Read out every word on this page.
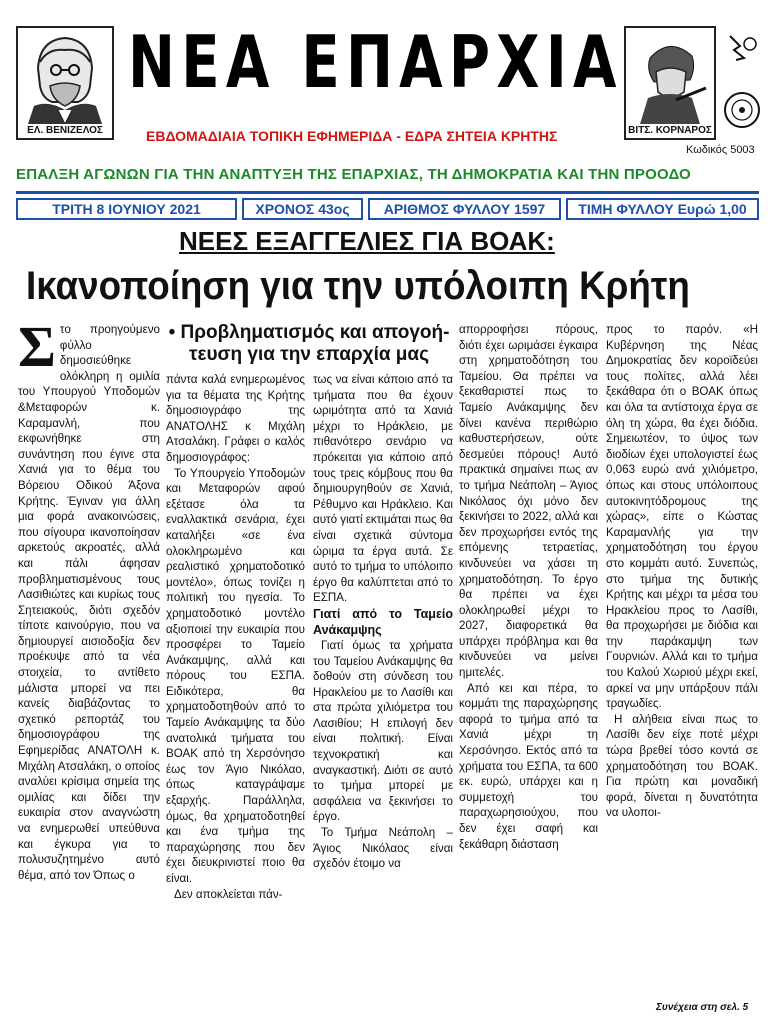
ΕΛ. ΒΕΝΙΖΕΛΟΣ
ΝΕΑ ΕΠΑΡΧΙΑ
ΕΒΔΟΜΑΔΙΑΙΑ ΤΟΠΙΚΗ ΕΦΗΜΕΡΙΔΑ - ΕΔΡΑ ΣΗΤΕΙΑ ΚΡΗΤΗΣ	ΒΙΤΣ. ΚΟΡΝΑΡΟΣ
Κωδικός 5003
ΕΠΑΛΞΗ ΑΓΩΝΩΝ ΓΙΑ ΤΗΝ ΑΝΑΠΤΥΞΗ ΤΗΣ ΕΠΑΡΧΙΑΣ, ΤΗ ΔΗΜΟΚΡΑΤΙΑ ΚΑΙ ΤΗΝ ΠΡΟΟΔΟ
ΤΡΙΤΗ 8 ΙΟΥΝΙΟΥ 2021	ΧΡΟΝΟΣ 43ος	ΑΡΙΘΜΟΣ ΦΥΛΛΟΥ 1597	ΤΙΜΗ ΦΥΛΛΟΥ Ευρώ 1,00
ΝΕΕΣ ΕΞΑΓΓΕΛΙΕΣ ΓΙΑ ΒΟΑΚ:
Ικανοποίηση για την υπόλοιπη Κρήτη
Σ το προηγούμενο φύλλο δημοσιεύθηκε ολόκληρη η ομιλία του Υπουργού Υποδομών &Μεταφορών κ. Καραμανλή, που εκφωνήθηκε στη συνάντηση που έγινε στα Χανιά για το θέμα του Βόρειου Οδικού Άξονα Κρήτης. Έγιναν για άλλη μια φορά ανακοινώσεις, που σίγουρα ικανοποίησαν αρκετούς ακροατές, αλλά και πάλι άφησαν προβληματισμένους τους Λασιθιώτες και κυρίως τους Σητειακούς, διότι σχεδόν τίποτε καινούργιο, που να δημιουργεί αισιοδοξία δεν προέκυψε από τα νέα στοιχεία, το αντίθετο μάλιστα μπορεί να πει κανείς διαβάζοντας το σχετικό ρεπορτάζ του δημοσιογράφου της Εφημερίδας ΑΝΑΤΟΛΗ κ. Μιχάλη Ατσαλάκη, ο οποίος αναλύει κρίσιμα σημεία της ομιλίας και δίδει την ευκαιρία στον αναγνώστη να ενημερωθεί υπεύθυνα και έγκυρα για το πολυσυζητημένο αυτό θέμα, από τον Όπως ο
• Προβληματισμός και απογοή-τευση για την επαρχία μας

πάντα καλά ενημερωμένος για τα θέματα της Κρήτης δημοσιογράφο της ΑΝΑΤΟΛΗΣ κ Μιχάλη Ατσαλάκη. Γράφει ο καλός δημοσιογράφος:

Το Υπουργείο Υποδομών και Μεταφορών αφού εξέτασε όλα τα εναλλακτικά σενάρια, έχει καταλήξει «σε ένα ολοκληρωμένο και ρεαλιστικό χρηματοδοτικό μοντέλο», όπως τονίζει η πολιτική του ηγεσία. Το χρηματοδοτικό μοντέλο αξιοποιεί την ευκαιρία που προσφέρει το Ταμείο Ανάκαμψης, αλλά και πόρους του ΕΣΠΑ. Ειδικότερα, θα χρηματοδοτηθούν από το Ταμείο Ανάκαμψης τα δύο ανατολικά τμήματα του ΒΟΑΚ από τη Χερσόνησο έως τον Άγιο Νικόλαο, όπως καταγράψαμε εξαρχής. Παράλληλα, όμως, θα χρηματοδοτηθεί και ένα τμήμα της παραχώρησης που δεν έχει διευκρινιστεί ποιο θα είναι.

Δεν αποκλείεται πάν-

τως να είναι κάποιο από τα τμήματα που θα έχουν ωριμότητα από τα Χανιά μέχρι το Ηράκλειο, με πιθανότερο σενάριο να πρόκειται για κάποιο από τους τρεις κόμβους που θα δημιουργηθούν σε Χανιά, Ρέθυμνο και Ηράκλειο. Και αυτό γιατί εκτιμάται πως θα είναι σχετικά σύντομα ώριμα τα έργα αυτά. Σε αυτό το τμήμα το υπόλοιπο έργο θα καλύπτεται από το ΕΣΠΑ.

Γιατί από το Ταμείο Ανάκαμψης

Γιατί όμως τα χρήματα του Ταμείου Ανάκαμψης θα δοθούν στη σύνδεση του Ηρακλείου με το Λασίθι και στα πρώτα χιλιόμετρα του Λασιθίου; Η επιλογή δεν είναι πολιτική. Είναι τεχνοκρατική και αναγκαστική. Διότι σε αυτό το τμήμα μπορεί με ασφάλεια να ξεκινήσει το έργο.

Το Τμήμα Νεάπολη – Άγιος Νικόλαος είναι σχεδόν έτοιμο να

απορροφήσει πόρους, διότι έχει ωριμάσει έγκαιρα στη χρηματοδότηση του Ταμείου. Θα πρέπει να ξεκαθαριστεί πως το Ταμείο Ανάκαμψης δεν δίνει κανένα περιθώριο καθυστερήσεων, ούτε δεσμεύει πόρους! Αυτό πρακτικά σημαίνει πως αν το τμήμα Νεάπολη – Άγιος Νικόλαος όχι μόνο δεν ξεκινήσει το 2022, αλλά και δεν προχωρήσει εντός της επόμενης τετραετίας, κινδυνεύει να χάσει τη χρηματοδότηση. Το έργο θα πρέπει να έχει ολοκληρωθεί μέχρι το 2027, διαφορετικά θα υπάρχει πρόβλημα και θα κινδυνεύει να μείνει ημιτελές.

Από κει και πέρα, το κομμάτι της παραχώρησης αφορά το τμήμα από τα Χανιά μέχρι τη Χερσόνησο. Εκτός από τα χρήματα του ΕΣΠΑ, τα 600 εκ. ευρώ, υπάρχει και η συμμετοχή του παραχωρησιούχου, που δεν έχει σαφή και ξεκάθαρη διάσταση

προς το παρόν. «Η Κυβέρνηση της Νέας Δημοκρατίας δεν κοροϊδεύει τους πολίτες, αλλά λέει ξεκάθαρα ότι ο ΒΟΑΚ όπως και όλα τα αντίστοιχα έργα σε όλη τη χώρα, θα έχει διόδια. Σημειωτέον, το ύψος των διοδίων έχει υπολογιστεί έως 0,063 ευρώ ανά χιλιόμετρο, όπως και στους υπόλοιπους αυτοκινητόδρομους της χώρας», είπε ο Κώστας Καραμανλής για την χρηματοδότηση του έργου στο κομμάτι αυτό. Συνεπώς, στο τμήμα της δυτικής Κρήτης και μέχρι τα μέσα του Ηρακλείου προς το Λασίθι, θα προχωρήσει με διόδια και την παράκαμψη των Γουρνιών. Αλλά και το τμήμα του Καλού Χωριού μέχρι εκεί, αρκεί να μην υπάρξουν πάλι τραγωδίες.

Η αλήθεια είναι πως το Λασίθι δεν είχε ποτέ μέχρι τώρα βρεθεί τόσο κοντά σε χρηματοδότηση του ΒΟΑΚ. Για πρώτη και μοναδική φορά, δίνεται η δυνατότητα να υλοποι-

Συνέχεια στη σελ. 5
